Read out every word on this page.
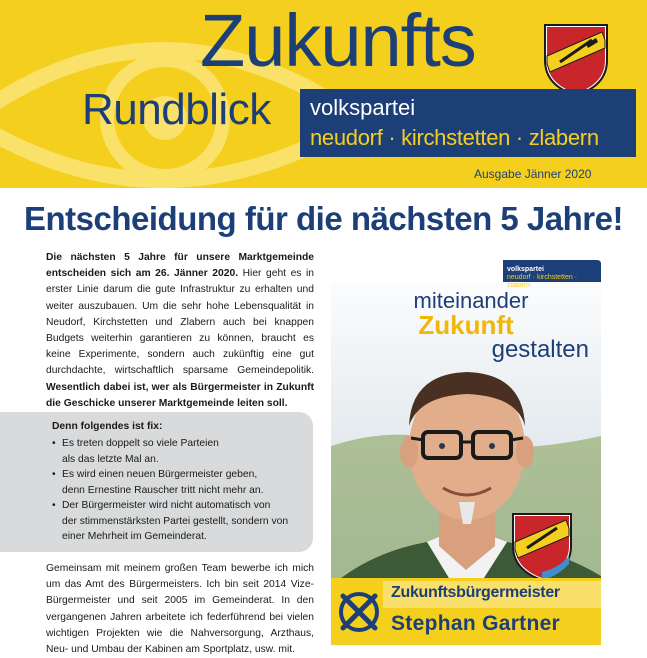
Zukunfts
Rundblick volkspartei
neudorf · kirchstetten · zlabern
Ausgabe Jänner 2020
Entscheidung für die nächsten 5 Jahre!
Die nächsten 5 Jahre für unsere Marktgemeinde entscheiden sich am 26. Jänner 2020. Hier geht es in erster Linie darum die gute Infrastruktur zu erhalten und weiter auszubauen. Um die sehr hohe Lebensqualität in Neudorf, Kirchstetten und Zlabern auch bei knappen Budgets weiterhin garantieren zu können, braucht es keine Experimente, sondern auch zukünftig eine gut durchdachte, wirtschaftlich sparsame Gemeindepolitik. Wesentlich dabei ist, wer als Bürgermeister in Zukunft die Geschicke unserer Marktgemeinde leiten soll.
Denn folgendes ist fix:
• Es treten doppelt so viele Parteien
als das letzte Mal an.
• Es wird einen neuen Bürgermeister geben,
denn Ernestine Rauscher tritt nicht mehr an.
• Der Bürgermeister wird nicht automatisch von
der stimmenstärksten Partei gestellt, sondern von
einer Mehrheit im Gemeinderat.
Gemeinsam mit meinem großen Team bewerbe ich mich um das Amt des Bürgermeisters. Ich bin seit 2014 Vize-Bürgermeister und seit 2005 im Gemeinderat. In den vergangenen Jahren arbeitete ich federführend bei vielen wichtigen Projekten wie die Nahversorgung, Arzthaus, Neu- und Umbau der Kabinen am Sportplatz, usw. mit.
volkspartei
neudorf · kirchstetten · zlabern
miteinander
Zukunft
gestalten
Zukunftsbürgermeister
Stephan Gartner
